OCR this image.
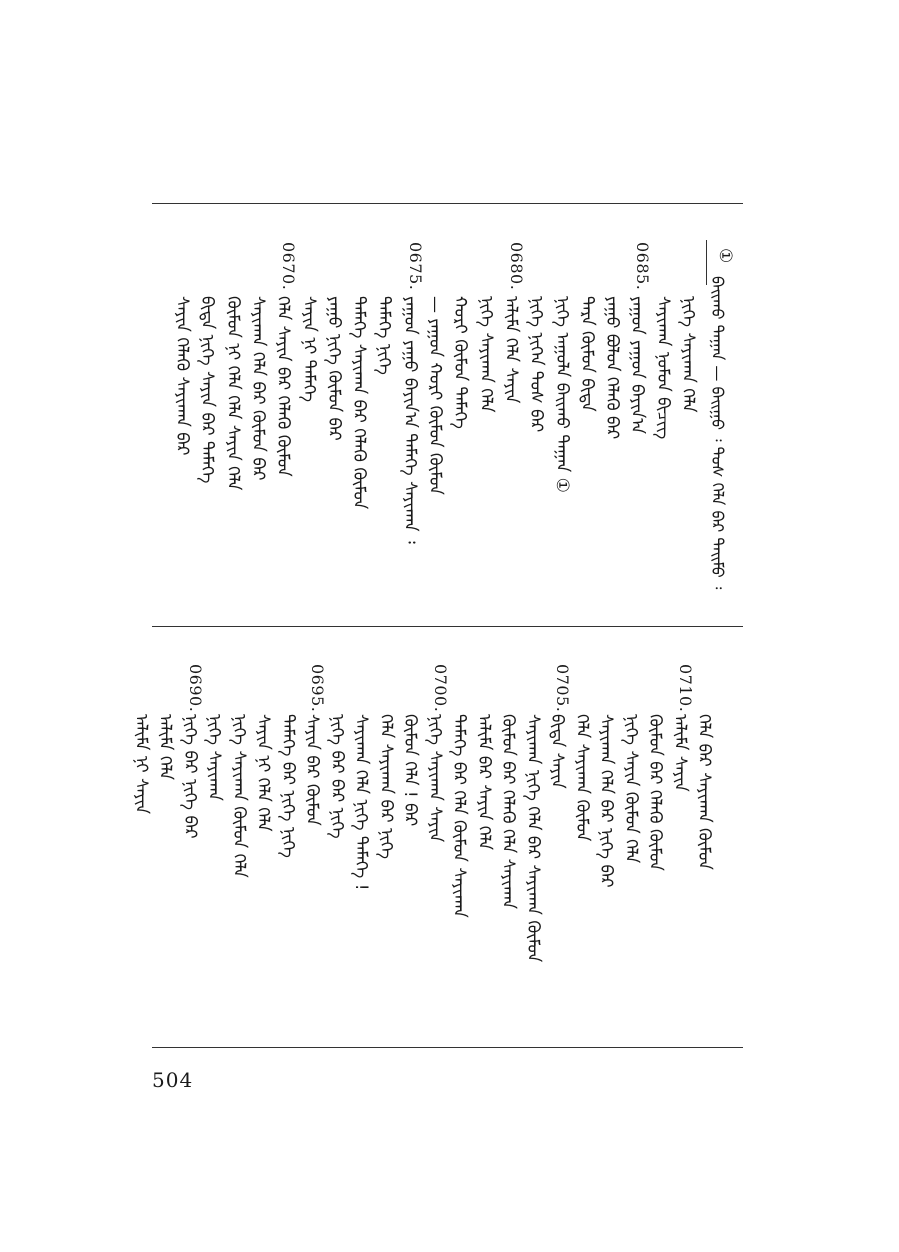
①
ᠪᠠᠢ᠌ᠬᠤ ᠳᠠᠭᠠᠨ — ᠪᠠᠢᠭᠤ ᠄ ᠲᠤᠰ ᠬᠡᠯᠡ ᠪᠡᠷ ᠲᠡᠢᠮᠦ ᠄
ᠨᠢᠭᠡ ᠰᠠᠶᠢᠬᠠᠨ ᠬᠡᠯᠡ
ᠰᠠᠶᠢᠬᠠᠨ ᠨᠤᠮᠤᠨ ᠪᠢᠴᠢᠭ
0685.
ᠶᠠᠭᠤᠨ ᠶᠠᠭᠤᠨ ᠪᠠᠶᠢᠨ᠎ᠠ
ᠶᠠᠭᠤ ᠪᠤᠯᠤᠨ ᠬᠡᠯᠡᠬᠦ ᠪᠡᠷ
ᠲᠡᠷᠡ ᠬᠦᠮᠦᠨ ᠪᠢᠳᠡ
ᠨᠢᠭᠡ ᠠᠭᠤᠯᠠ ᠪᠠᠢᠬᠤ ᠳᠠᠭᠠᠨ ①
ᠨᠢᠭᠡ ᠨᠢᠭᠡᠨ ᠲᠤᠰ ᠪᠡᠷ
0680.
ᠠᠯᠢᠮᠠ ᠬᠡᠯᠡ ᠰᠠᠶᠢᠨ
ᠨᠢᠭᠡ ᠰᠠᠶᠢᠬᠠᠨ ᠬᠡᠯᠡ
ᠬᠤᠷᠢ ᠬᠦᠮᠦᠨ ᠲᠡᠮᠡᠭᠡ
— ᠶᠠᠭᠤᠨ ᠬᠤᠷᠢ ᠬᠦᠮᠦᠨ ᠬᠦᠮᠦᠨ
0675.
ᠶᠠᠭᠤᠨ ᠶᠠᠭᠤ ᠪᠠᠶᠢᠨ᠎ᠠ ᠲᠡᠮᠡᠭᠡ ᠰᠠᠶᠢᠬᠠᠨ ᠄
ᠲᠡᠮᠡᠭᠡ ᠨᠢᠭᠡ
ᠲᠡᠮᠡᠭᠡ ᠰᠠᠶᠢᠬᠠᠨ ᠪᠡᠷ ᠬᠡᠯᠡᠬᠦ ᠬᠦᠮᠦᠨ
ᠶᠠᠭᠤ ᠨᠢᠭᠡ ᠬᠦᠮᠦᠨ ᠪᠡᠷ
ᠰᠠᠶᠢᠨ ᠨᠢ ᠲᠡᠮᠡᠭᠡ
0670.
ᠬᠡᠯᠡ ᠰᠠᠶᠢᠨ ᠪᠡᠷ ᠬᠡᠯᠡᠬᠦ ᠬᠦᠮᠦᠨ
ᠰᠠᠶᠢᠬᠠᠨ ᠬᠡᠯᠡ ᠪᠡᠷ ᠬᠦᠮᠦᠨ ᠪᠡᠷ
ᠬᠦᠮᠦᠨ ᠨᠢ ᠬᠡᠯᠡ ᠬᠡᠯᠡ ᠰᠠᠶᠢᠨ ᠬᠡᠯᠡ
ᠪᠢᠳᠡ ᠨᠢᠭᠡ ᠰᠠᠶᠢᠨ ᠪᠡᠷ ᠲᠡᠮᠡᠭᠡ
ᠰᠠᠶᠢᠨ ᠬᠡᠯᠡᠬᠦ ᠰᠠᠶᠢᠬᠠᠨ ᠪᠡᠷ
ᠬᠡᠯᠡ ᠪᠡᠷ ᠰᠠᠶᠢᠬᠠᠨ ᠬᠦᠮᠦᠨ
0710.
ᠠᠯᠢᠮᠠ ᠰᠠᠶᠢᠨ
ᠬᠦᠮᠦᠨ ᠪᠡᠷ ᠬᠡᠯᠡᠬᠦ ᠬᠦᠮᠦᠨ
ᠨᠢᠭᠡ ᠰᠠᠶᠢᠨ ᠬᠦᠮᠦᠨ ᠬᠡᠯᠡ
ᠰᠠᠶᠢᠬᠠᠨ ᠬᠡᠯᠡ ᠪᠡᠷ ᠨᠢᠭᠡ ᠪᠡᠷ
ᠬᠡᠯᠡ ᠰᠠᠶᠢᠬᠠᠨ ᠬᠦᠮᠦᠨ
0705.
ᠪᠢᠳᠡ ᠰᠠᠶᠢᠨ
ᠰᠠᠶᠢᠬᠠᠨ ᠨᠢᠭᠡ ᠬᠡᠯᠡ ᠪᠡᠷ ᠰᠠᠶᠢᠬᠠᠨ ᠬᠦᠮᠦᠨ
ᠬᠦᠮᠦᠨ ᠪᠡᠷ ᠬᠡᠯᠡᠬᠦ ᠬᠡᠯᠡ ᠰᠠᠶᠢᠬᠠᠨ
ᠠᠯᠢᠮᠠ ᠪᠡᠷ ᠰᠠᠶᠢᠨ ᠬᠡᠯᠡ
ᠲᠡᠮᠡᠭᠡ ᠪᠡᠷ ᠬᠡᠯᠡ ᠬᠦᠮᠦᠨ ᠰᠠᠶᠢᠬᠠᠨ
0700.
ᠨᠢᠭᠡ ᠰᠠᠶᠢᠬᠠᠨ ᠰᠠᠶᠢᠨ
ᠬᠦᠮᠦᠨ ᠬᠡᠯᠡ ! ᠪᠡᠷ
ᠬᠡᠯᠡ ᠰᠠᠶᠢᠬᠠᠨ ᠪᠡᠷ ᠨᠢᠭᠡ
ᠰᠠᠶᠢᠬᠠᠨ ᠬᠡᠯᠡ ᠨᠢᠭᠡ ᠲᠡᠮᠡᠭᠡ !
ᠨᠢᠭᠡ ᠪᠡᠷ ᠪᠡᠷ ᠨᠢᠭᠡ
0695.
ᠰᠠᠶᠢᠨ ᠪᠡᠷ ᠬᠦᠮᠦᠨ
ᠲᠡᠮᠡᠭᠡ ᠪᠡᠷ ᠨᠢᠭᠡ ᠨᠢᠭᠡ
ᠰᠠᠶᠢᠨ ᠨᠢ ᠬᠡᠯᠡ ᠬᠡᠯᠡ
ᠨᠢᠭᠡ ᠰᠠᠶᠢᠬᠠᠨ ᠬᠦᠮᠦᠨ ᠬᠡᠯᠡ
ᠨᠢᠭᠡ ᠰᠠᠶᠢᠬᠠᠨ
0690.
ᠨᠢᠭᠡ ᠪᠡᠷ ᠨᠢᠭᠡ ᠪᠡᠷ
ᠠᠯᠢᠮᠠ ᠬᠡᠯᠡ
ᠠᠯᠢᠮᠠ ᠨᠢ ᠰᠠᠶᠢᠨ
504
